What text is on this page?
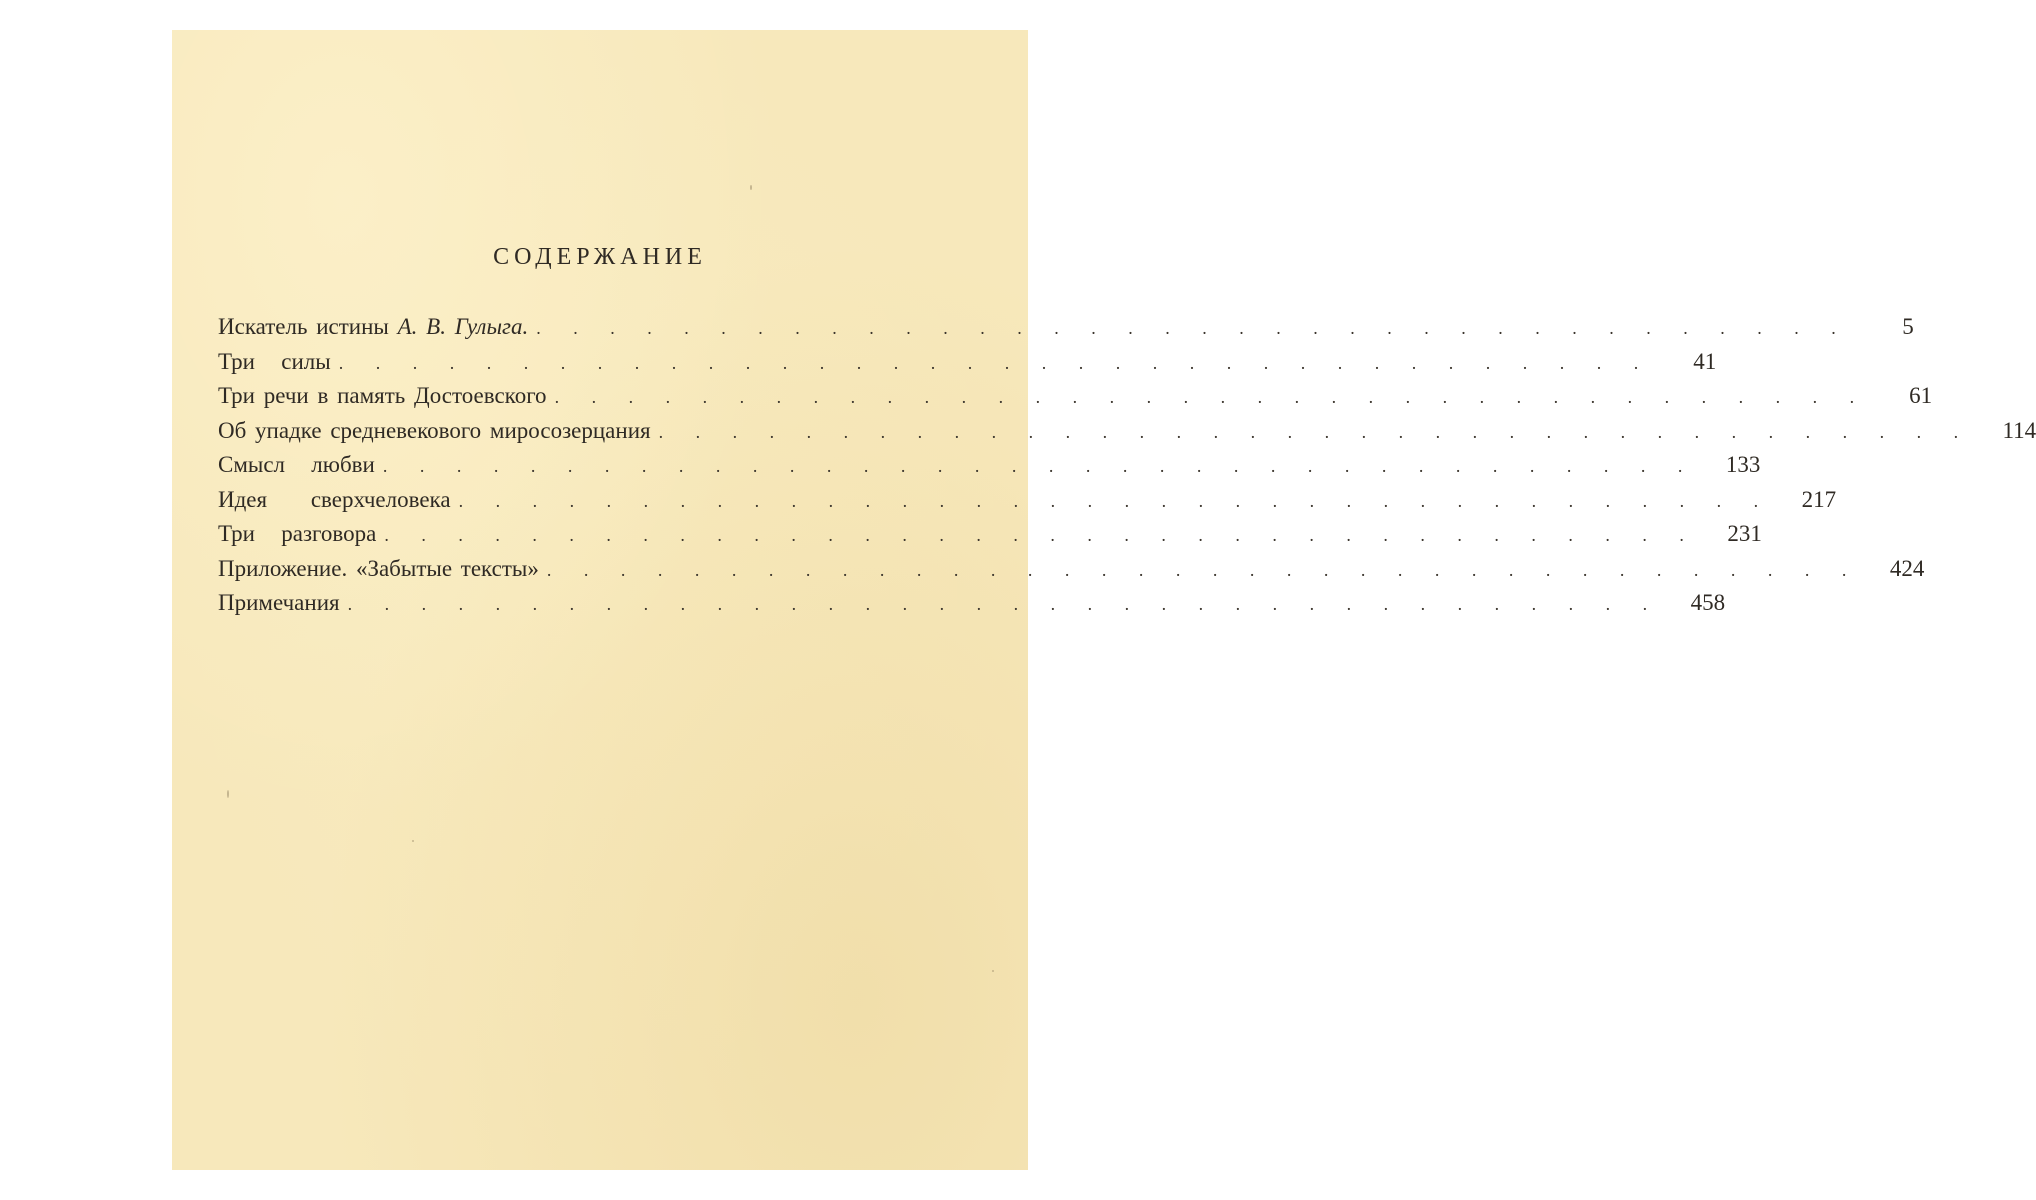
СОДЕРЖАНИЕ
Искатель истины А. В. Гулыга. . . . . . . . . . . . . . . . . . . . . . . . . . . . . . . . . . . . .	5
Три   силы . . . . . . . . . . . . . . . . . . . . . . . . . . . . . . . . . . . .	41
Три речи в память Достоевского . . . . . . . . . . . . . . . . . . . . . . . . . . . . . . . . . . . .	61
Об упадке средневекового миросозерцания . . . . . . . . . . . . . . . . . . . . . . . . . . . . . . . . . . . .	114
Смысл   любви . . . . . . . . . . . . . . . . . . . . . . . . . . . . . . . . . . . .	133
Идея     сверхчеловека . . . . . . . . . . . . . . . . . . . . . . . . . . . . . . . . . . . .	217
Три   разговора . . . . . . . . . . . . . . . . . . . . . . . . . . . . . . . . . . . .	231
Приложение. «Забытые тексты» . . . . . . . . . . . . . . . . . . . . . . . . . . . . . . . . . . . .	424
Примечания . . . . . . . . . . . . . . . . . . . . . . . . . . . . . . . . . . . .	458
